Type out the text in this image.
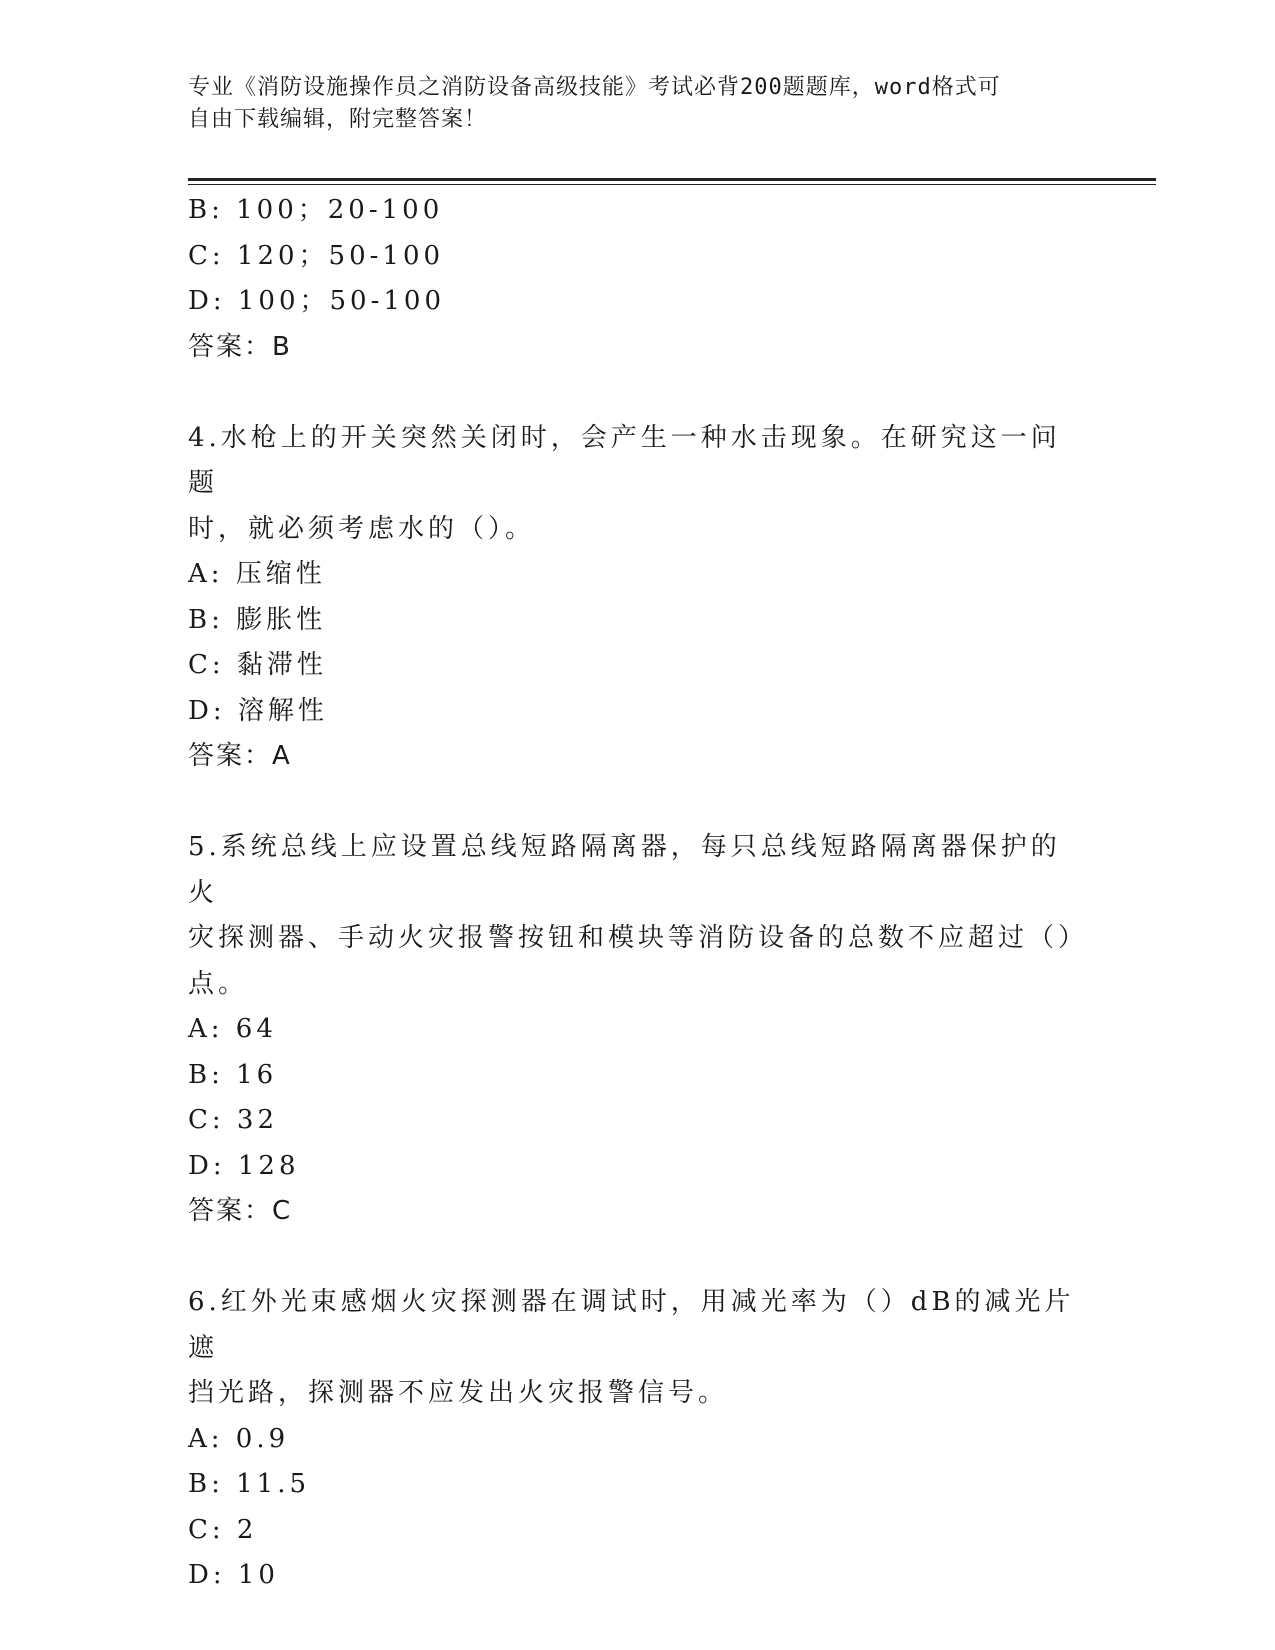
专业《消防设施操作员之消防设备高级技能》考试必背200题题库，word格式可
自由下载编辑，附完整答案！
B: 100；20-100
C: 120；50-100
D: 100；50-100
答案：B
4.水枪上的开关突然关闭时，会产生一种水击现象。在研究这一问题
时，就必须考虑水的（）。
A: 压缩性
B: 膨胀性
C: 黏滞性
D: 溶解性
答案：A
5.系统总线上应设置总线短路隔离器，每只总线短路隔离器保护的火
灾探测器、手动火灾报警按钮和模块等消防设备的总数不应超过（）
点。
A: 64
B: 16
C: 32
D: 128
答案：C
6.红外光束感烟火灾探测器在调试时，用减光率为（）dB的减光片遮
挡光路，探测器不应发出火灾报警信号。
A: 0.9
B: 11.5
C: 2
D: 10
